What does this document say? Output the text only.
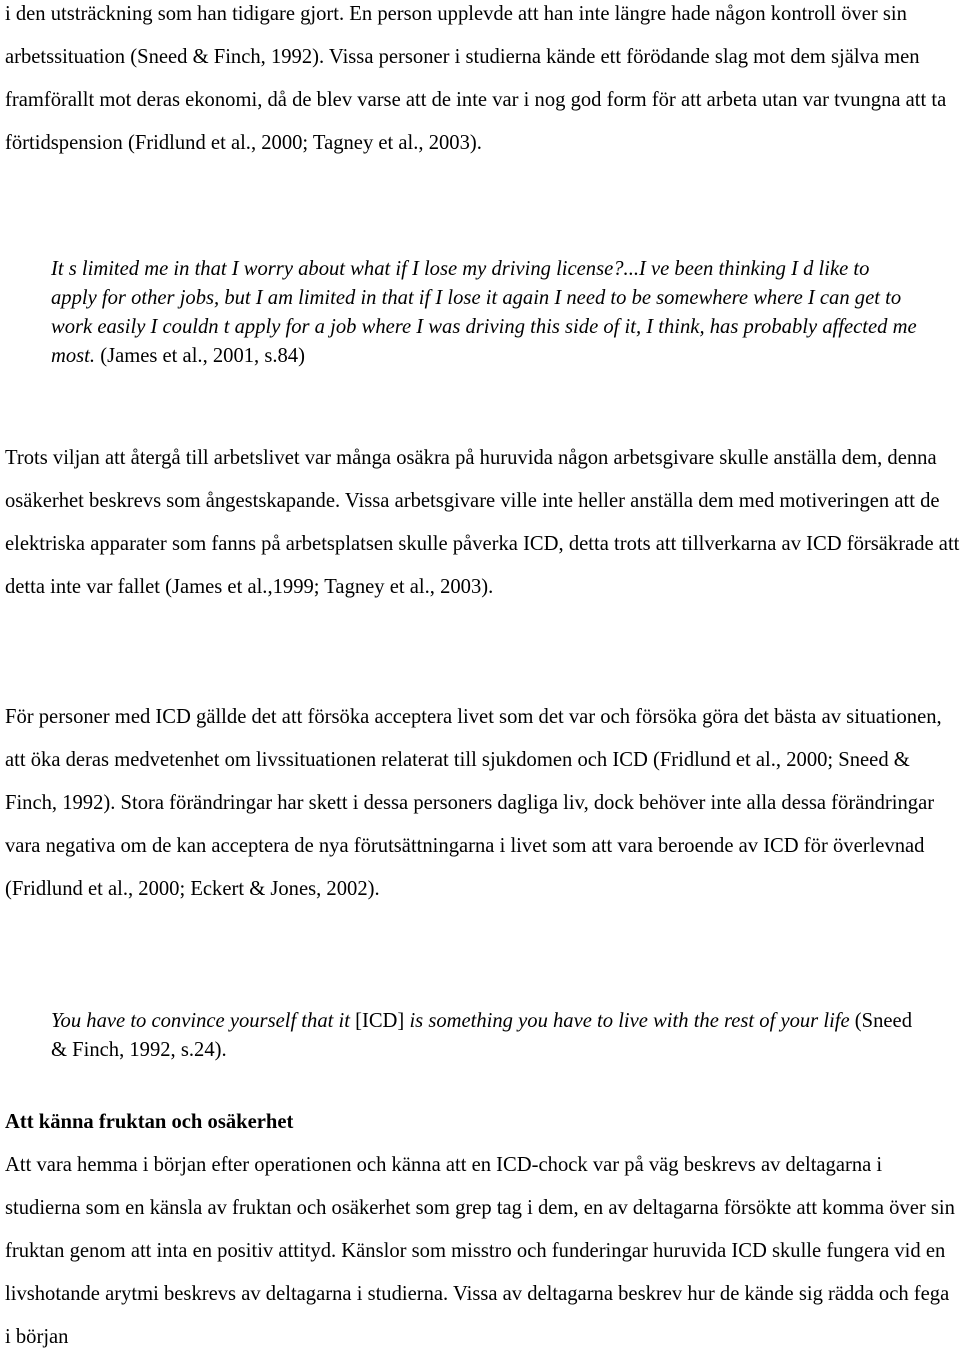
i den utsträckning som han tidigare gjort. En person upplevde att han inte längre hade någon kontroll över sin arbetssituation (Sneed & Finch, 1992). Vissa personer i studierna kände ett förödande slag mot dem själva men framförallt mot deras ekonomi, då de blev varse att de inte var i nog god form för att arbeta utan var tvungna att ta förtidspension (Fridlund et al., 2000; Tagney et al., 2003).

It s limited me in that I worry about what if I lose my driving license?...I ve been thinking I d like to apply for other jobs, but I am limited in that if I lose it again I need to be somewhere where I can get to work easily I couldn t apply for a job where I was driving this side of it, I think, has probably affected me most. (James et al., 2001, s.84)

Trots viljan att återgå till arbetslivet var många osäkra på huruvida någon arbetsgivare skulle anställa dem, denna osäkerhet beskrevs som ångestskapande. Vissa arbetsgivare ville inte heller anställa dem med motiveringen att de elektriska apparater som fanns på arbetsplatsen skulle påverka ICD, detta trots att tillverkarna av ICD försäkrade att detta inte var fallet (James et al.,1999; Tagney et al., 2003).

För personer med ICD gällde det att försöka acceptera livet som det var och försöka göra det bästa av situationen, att öka deras medvetenhet om livssituationen relaterat till sjukdomen och ICD (Fridlund et al., 2000; Sneed & Finch, 1992). Stora förändringar har skett i dessa personers dagliga liv, dock behöver inte alla dessa förändringar vara negativa om de kan acceptera de nya förutsättningarna i livet som att vara beroende av ICD för överlevnad (Fridlund et al., 2000; Eckert & Jones, 2002).

You have to convince yourself that it [ICD] is something you have to live with the rest of your life (Sneed & Finch, 1992, s.24).

Att känna fruktan och osäkerhet

Att vara hemma i början efter operationen och känna att en ICD-chock var på väg beskrevs av deltagarna i studierna som en känsla av fruktan och osäkerhet som grep tag i dem, en av deltagarna försökte att komma över sin fruktan genom att inta en positiv attityd. Känslor som misstro och funderingar huruvida ICD skulle fungera vid en livshotande arytmi beskrevs av deltagarna i studierna. Vissa av deltagarna beskrev hur de kände sig rädda och fega i början
